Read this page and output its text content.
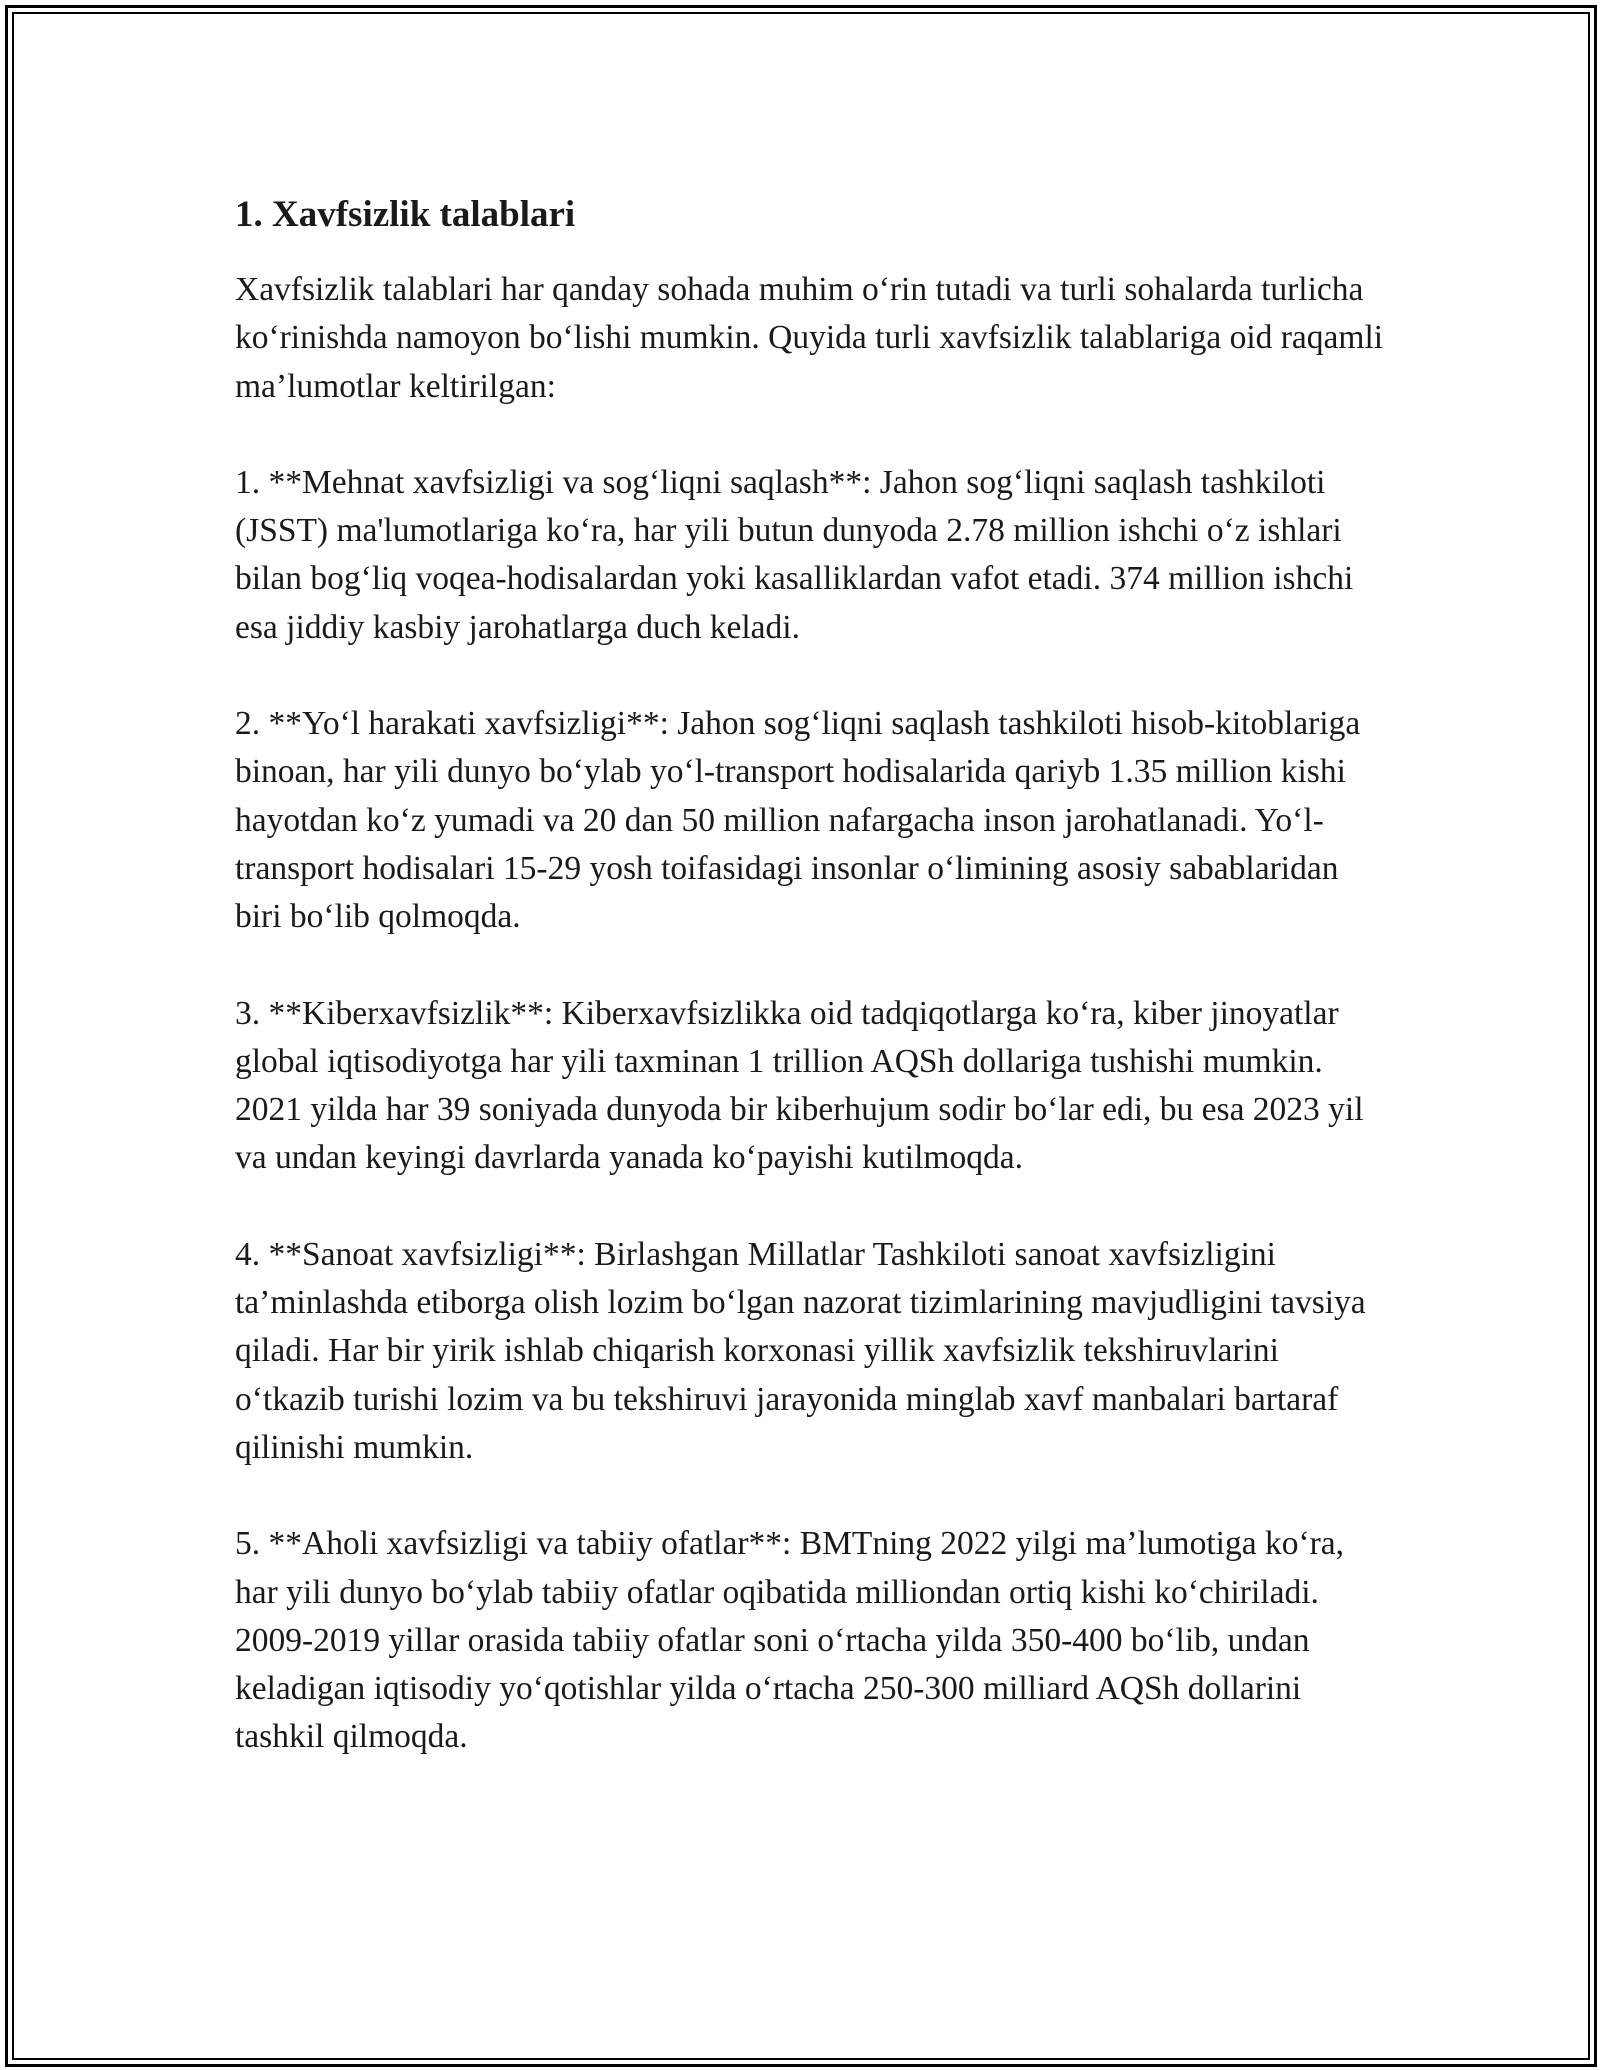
1. Xavfsizlik talablari

Xavfsizlik talablari har qanday sohada muhim o‘rin tutadi va turli sohalarda turlicha ko‘rinishda namoyon bo‘lishi mumkin. Quyida turli xavfsizlik talablariga oid raqamli ma’lumotlar keltirilgan:

1. **Mehnat xavfsizligi va sog‘liqni saqlash**: Jahon sog‘liqni saqlash tashkiloti (JSST) ma'lumotlariga ko‘ra, har yili butun dunyoda 2.78 million ishchi o‘z ishlari bilan bog‘liq voqea-hodisalardan yoki kasalliklardan vafot etadi. 374 million ishchi esa jiddiy kasbiy jarohatlarga duch keladi.

2. **Yo‘l harakati xavfsizligi**: Jahon sog‘liqni saqlash tashkiloti hisob-kitoblariga binoan, har yili dunyo bo‘ylab yo‘l-transport hodisalarida qariyb 1.35 million kishi hayotdan ko‘z yumadi va 20 dan 50 million nafargacha inson jarohatlanadi. Yo‘l-transport hodisalari 15-29 yosh toifasidagi insonlar o‘limining asosiy sabablaridan biri bo‘lib qolmoqda.

3. **Kiberxavfsizlik**: Kiberxavfsizlikka oid tadqiqotlarga ko‘ra, kiber jinoyatlar global iqtisodiyotga har yili taxminan 1 trillion AQSh dollariga tushishi mumkin. 2021 yilda har 39 soniyada dunyoda bir kiberhujum sodir bo‘lar edi, bu esa 2023 yil va undan keyingi davrlarda yanada ko‘payishi kutilmoqda.

4. **Sanoat xavfsizligi**: Birlashgan Millatlar Tashkiloti sanoat xavfsizligini ta’minlashda etiborga olish lozim bo‘lgan nazorat tizimlarining mavjudligini tavsiya qiladi. Har bir yirik ishlab chiqarish korxonasi yillik xavfsizlik tekshiruvlarini o‘tkazib turishi lozim va bu tekshiruvi jarayonida minglab xavf manbalari bartaraf qilinishi mumkin.

5. **Aholi xavfsizligi va tabiiy ofatlar**: BMTning 2022 yilgi ma’lumotiga ko‘ra, har yili dunyo bo‘ylab tabiiy ofatlar oqibatida milliondan ortiq kishi ko‘chiriladi. 2009-2019 yillar orasida tabiiy ofatlar soni o‘rtacha yilda 350-400 bo‘lib, undan keladigan iqtisodiy yo‘qotishlar yilda o‘rtacha 250-300 milliard AQSh dollarini tashkil qilmoqda.
